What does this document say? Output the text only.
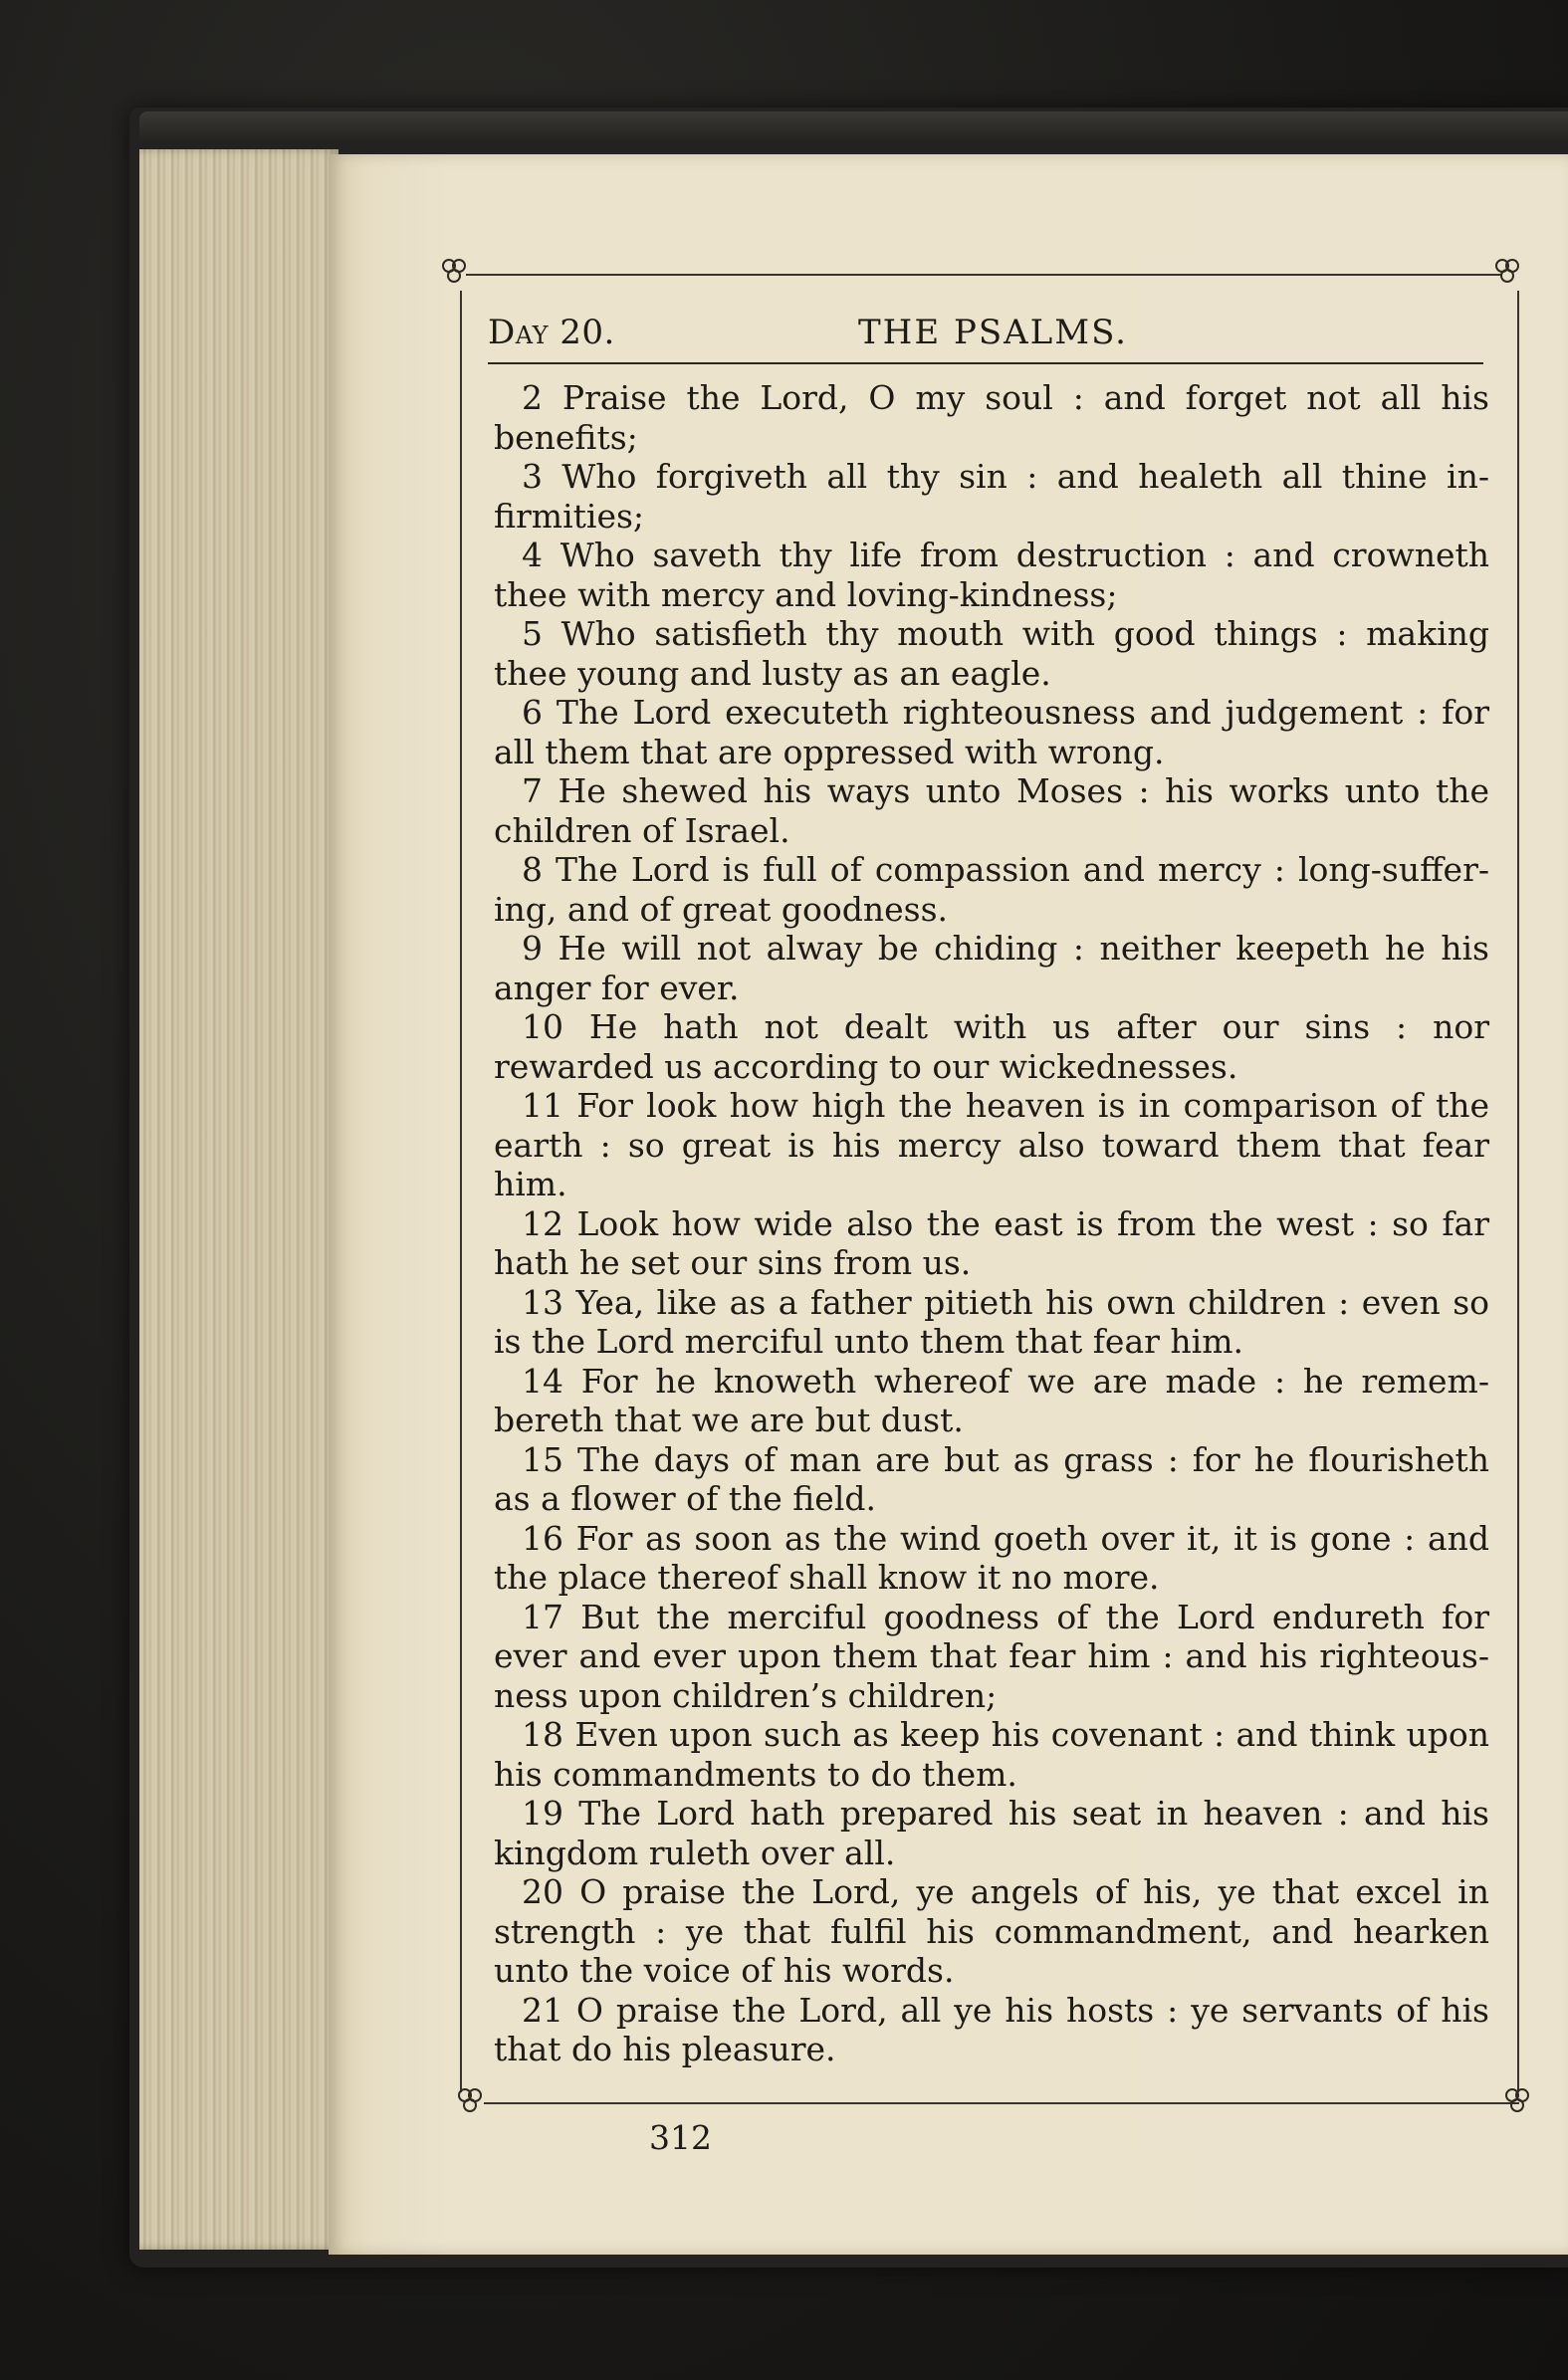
Day 20.	THE PSALMS.

2 Praise the Lord, O my soul : and forget not all his benefits;

3 Who forgiveth all thy sin : and healeth all thine infirmities;

4 Who saveth thy life from destruction : and crowneth thee with mercy and loving-kindness;

5 Who satisfieth thy mouth with good things : making thee young and lusty as an eagle.

6 The Lord executeth righteousness and judgement : for all them that are oppressed with wrong.

7 He shewed his ways unto Moses : his works unto the children of Israel.

8 The Lord is full of compassion and mercy : long-suffering, and of great goodness.

9 He will not alway be chiding : neither keepeth he his anger for ever.

10 He hath not dealt with us after our sins : nor rewarded us according to our wickednesses.

11 For look how high the heaven is in comparison of the earth : so great is his mercy also toward them that fear him.

12 Look how wide also the east is from the west : so far hath he set our sins from us.

13 Yea, like as a father pitieth his own children : even so is the Lord merciful unto them that fear him.

14 For he knoweth whereof we are made : he remembereth that we are but dust.

15 The days of man are but as grass : for he flourisheth as a flower of the field.

16 For as soon as the wind goeth over it, it is gone : and the place thereof shall know it no more.

17 But the merciful goodness of the Lord endureth for ever and ever upon them that fear him : and his righteousness upon children’s children;

18 Even upon such as keep his covenant : and think upon his commandments to do them.

19 The Lord hath prepared his seat in heaven : and his kingdom ruleth over all.

20 O praise the Lord, ye angels of his, ye that excel in strength : ye that fulfil his commandment, and hearken unto the voice of his words.

21 O praise the Lord, all ye his hosts : ye servants of his that do his pleasure.

312
